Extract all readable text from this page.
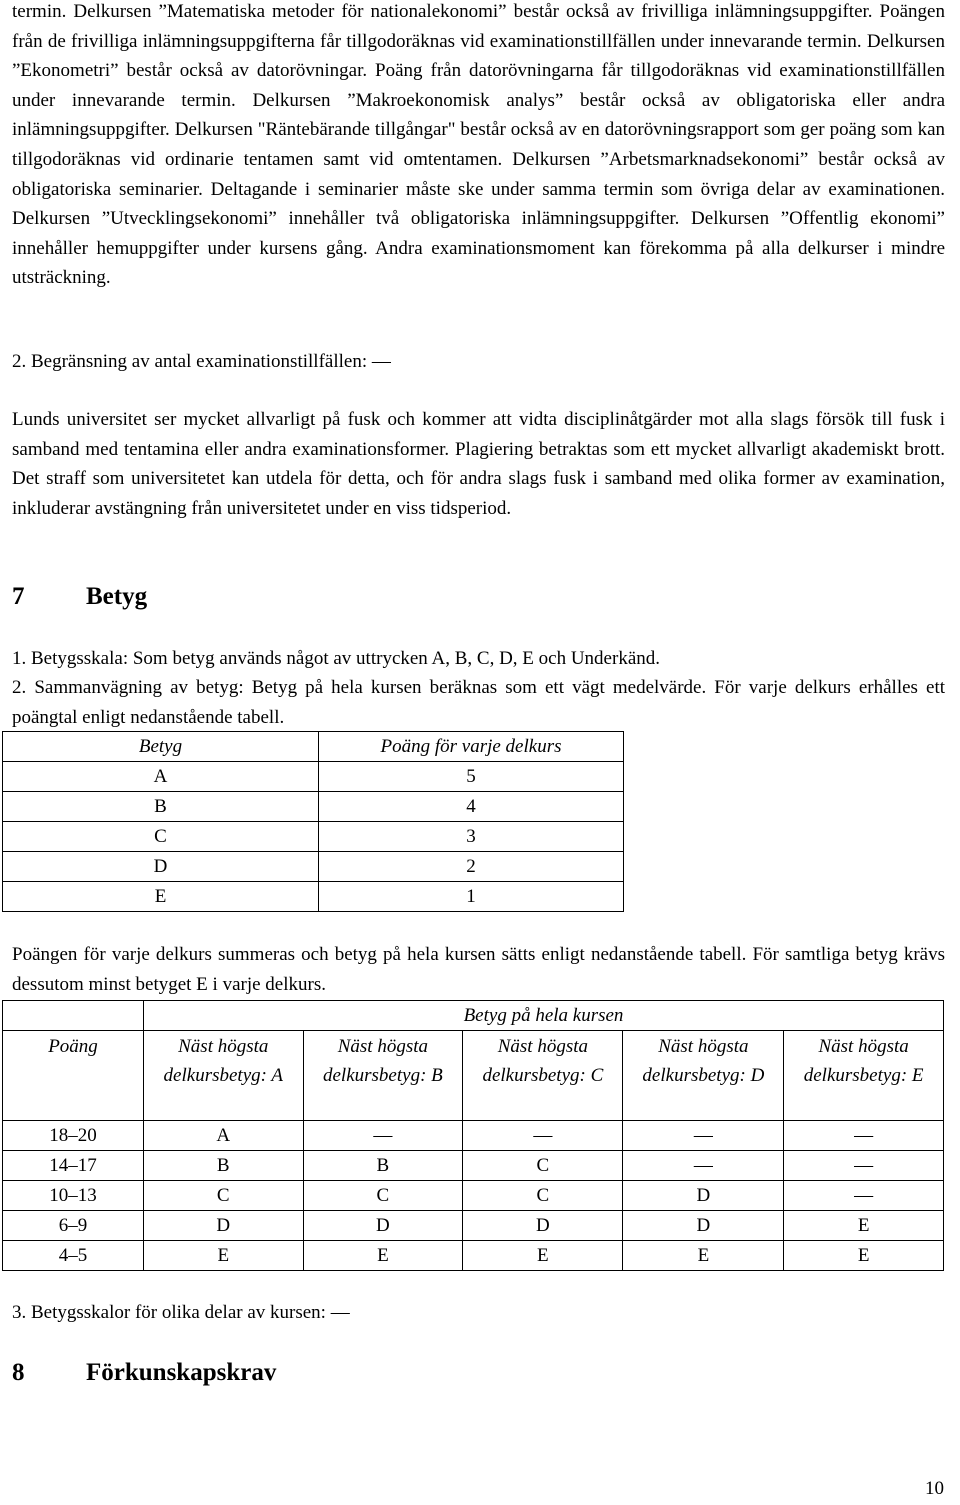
termin. Delkursen ”Matematiska metoder för nationalekonomi” består också av frivilliga inlämningsuppgifter. Poängen från de frivilliga inlämningsuppgifterna får tillgodoräknas vid examinationstillfällen under innevarande termin. Delkursen ”Ekonometri” består också av datorövningar. Poäng från datorövningarna får tillgodoräknas vid examinationstillfällen under innevarande termin. Delkursen ”Makroekonomisk analys” består också av obligatoriska eller andra inlämningsuppgifter. Delkursen "Räntebärande tillgångar" består också av en datorövningsrapport som ger poäng som kan tillgodoräknas vid ordinarie tentamen samt vid omtentamen. Delkursen ”Arbetsmarknadsekonomi” består också av obligatoriska seminarier. Deltagande i seminarier måste ske under samma termin som övriga delar av examinationen. Delkursen ”Utvecklingsekonomi” innehåller två obligatoriska inlämningsuppgifter. Delkursen ”Offentlig ekonomi” innehåller hemuppgifter under kursens gång. Andra examinationsmoment kan förekomma på alla delkurser i mindre utsträckning.

2. Begränsning av antal examinationstillfällen: —

Lunds universitet ser mycket allvarligt på fusk och kommer att vidta disciplinåtgärder mot alla slags försök till fusk i samband med tentamina eller andra examinationsformer. Plagiering betraktas som ett mycket allvarligt akademiskt brott. Det straff som universitetet kan utdela för detta, och för andra slags fusk i samband med olika former av examination, inkluderar avstängning från universitetet under en viss tidsperiod.

7 Betyg

1. Betygsskala: Som betyg används något av uttrycken A, B, C, D, E och Underkänd.

2. Sammanvägning av betyg: Betyg på hela kursen beräknas som ett vägt medelvärde. För varje delkurs erhålles ett poängtal enligt nedanstående tabell.

Betyg	Poäng för varje delkurs
A	5
B	4
C	3
D	2
E	1

Poängen för varje delkurs summeras och betyg på hela kursen sätts enligt nedanstående tabell. För samtliga betyg krävs dessutom minst betyget E i varje delkurs.

	Betyg på hela kursen				
Poäng	Näst högsta delkursbetyg: A	Näst högsta delkursbetyg: B	Näst högsta delkursbetyg: C	Näst högsta delkursbetyg: D	Näst högsta delkursbetyg: E
18–20	A	—	—	—	—
14–17	B	B	C	—	—
10–13	C	C	C	D	—
6–9	D	D	D	D	E
4–5	E	E	E	E	E

3. Betygsskalor för olika delar av kursen: —

8 Förkunskapskrav
10
